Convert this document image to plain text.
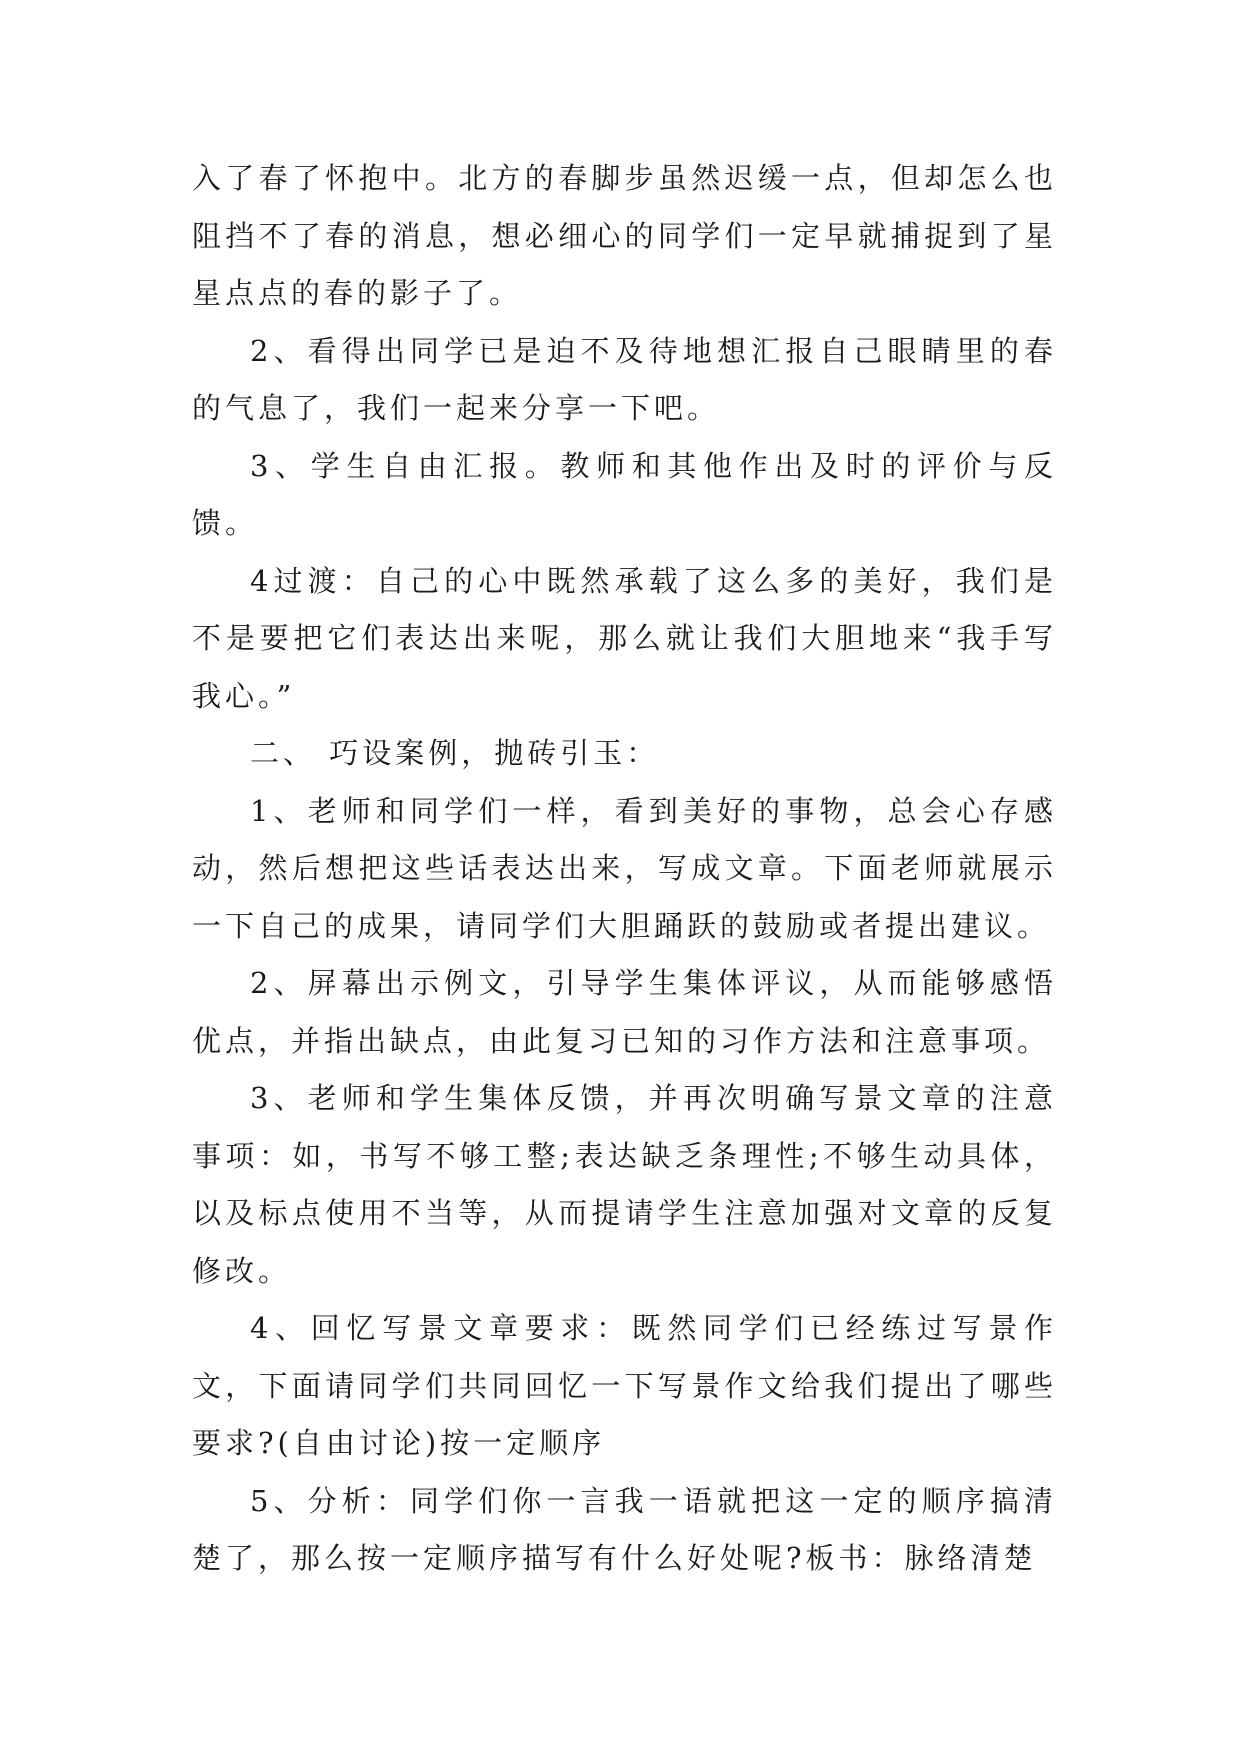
入了春了怀抱中。北方的春脚步虽然迟缓一点，但却怎么也阻挡不了春的消息，想必细心的同学们一定早就捕捉到了星星点点的春的影子了。

2、看得出同学已是迫不及待地想汇报自己眼睛里的春的气息了，我们一起来分享一下吧。

3、学生自由汇报。教师和其他作出及时的评价与反馈。

4过渡：自己的心中既然承载了这么多的美好，我们是不是要把它们表达出来呢，那么就让我们大胆地来“我手写我心。”

二、 巧设案例，抛砖引玉：

1、老师和同学们一样，看到美好的事物，总会心存感动，然后想把这些话表达出来，写成文章。下面老师就展示一下自己的成果，请同学们大胆踊跃的鼓励或者提出建议。

2、屏幕出示例文，引导学生集体评议，从而能够感悟优点，并指出缺点，由此复习已知的习作方法和注意事项。

3、老师和学生集体反馈，并再次明确写景文章的注意事项：如，书写不够工整;表达缺乏条理性;不够生动具体，以及标点使用不当等，从而提请学生注意加强对文章的反复修改。

4、回忆写景文章要求：既然同学们已经练过写景作文，下面请同学们共同回忆一下写景作文给我们提出了哪些要求?(自由讨论)按一定顺序

5、分析：同学们你一言我一语就把这一定的顺序搞清楚了，那么按一定顺序描写有什么好处呢?板书：脉络清楚
